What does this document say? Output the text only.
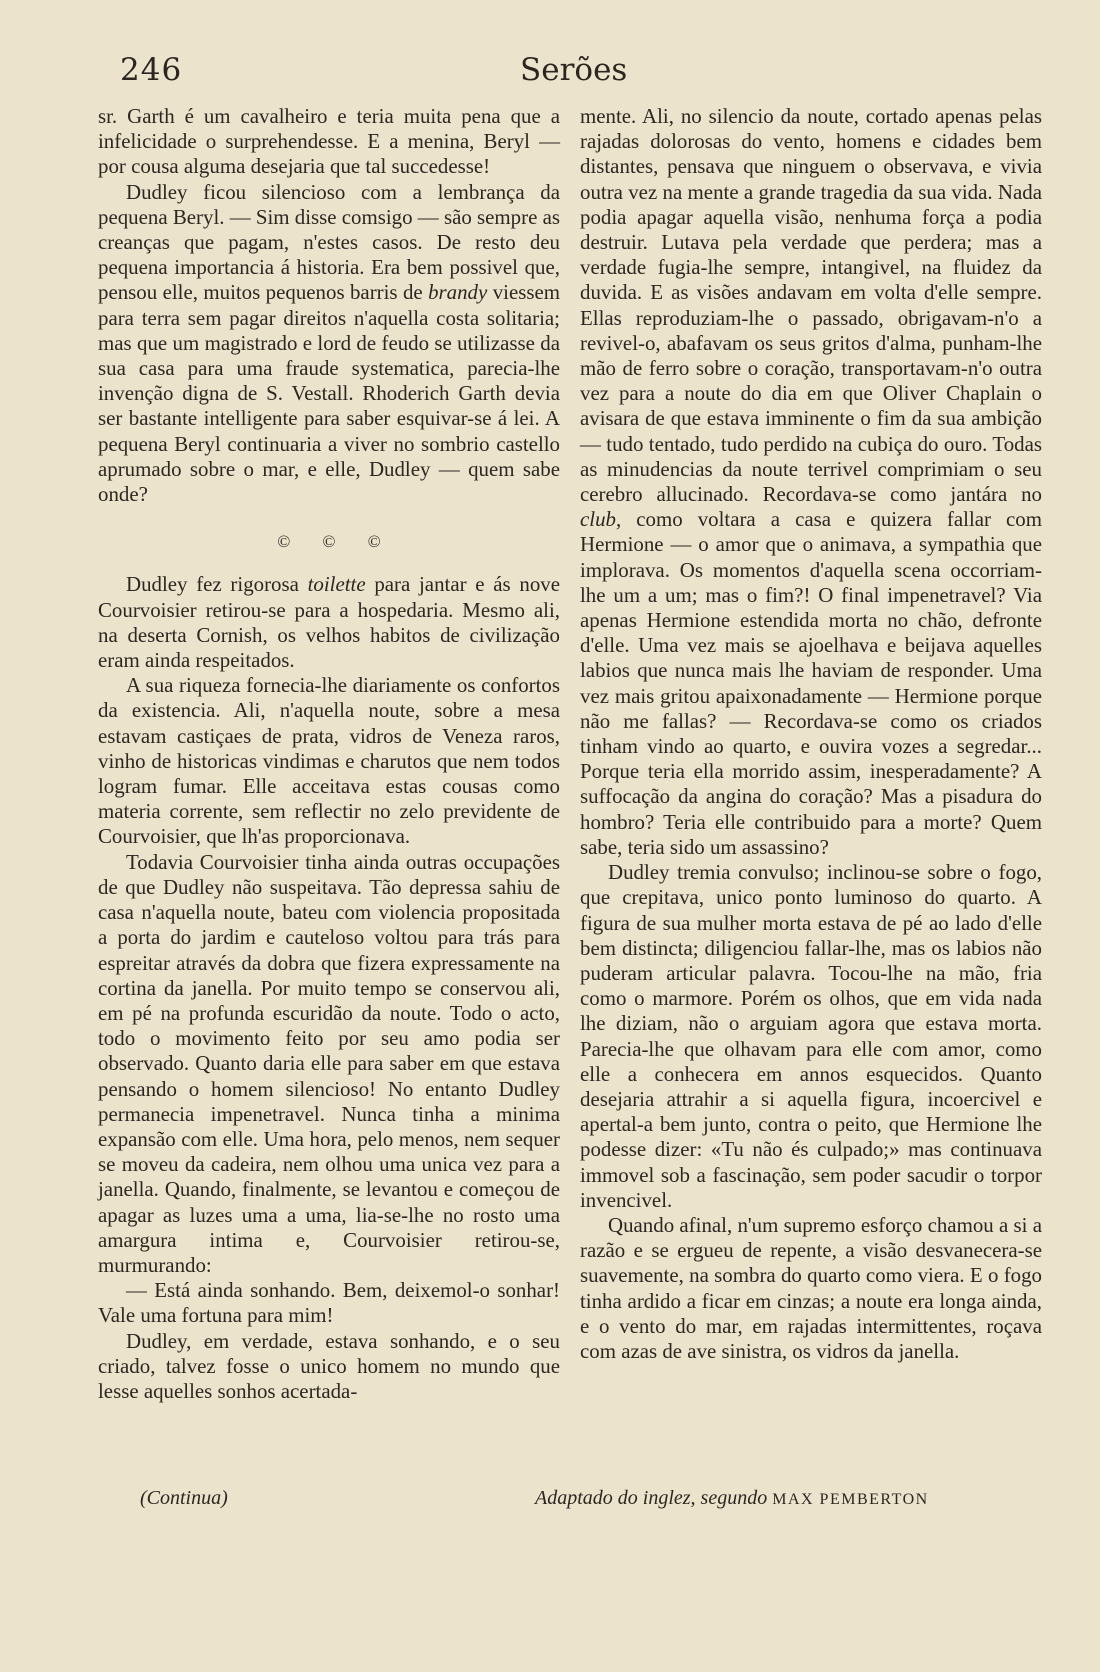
246	Serões

sr. Garth é um cavalheiro e teria muita pena que a infelicidade o surprehendesse. E a menina, Beryl — por cousa alguma desejaria que tal succedesse!

Dudley ficou silencioso com a lembrança da pequena Beryl. — Sim disse comsigo — são sempre as creanças que pagam, n'estes casos. De resto deu pequena importancia á historia. Era bem possivel que, pensou elle, muitos pequenos barris de brandy viessem para terra sem pagar direitos n'aquella costa solitaria; mas que um magistrado e lord de feudo se utilizasse da sua casa para uma fraude systematica, parecia-lhe invenção digna de S. Vestall. Rhoderich Garth devia ser bastante intelligente para saber esquivar-se á lei. A pequena Beryl continuaria a viver no sombrio castello aprumado sobre o mar, e elle, Dudley — quem sabe onde?

© © ©

Dudley fez rigorosa toilette para jantar e ás nove Courvoisier retirou-se para a hospedaria. Mesmo ali, na deserta Cornish, os velhos habitos de civilização eram ainda respeitados.

A sua riqueza fornecia-lhe diariamente os confortos da existencia. Ali, n'aquella noute, sobre a mesa estavam castiçaes de prata, vidros de Veneza raros, vinho de historicas vindimas e charutos que nem todos logram fumar. Elle acceitava estas cousas como materia corrente, sem reflectir no zelo previdente de Courvoisier, que lh'as proporcionava.

Todavia Courvoisier tinha ainda outras occupações de que Dudley não suspeitava. Tão depressa sahiu de casa n'aquella noute, bateu com violencia propositada a porta do jardim e cauteloso voltou para trás para espreitar através da dobra que fizera expressamente na cortina da janella. Por muito tempo se conservou ali, em pé na profunda escuridão da noute. Todo o acto, todo o movimento feito por seu amo podia ser observado. Quanto daria elle para saber em que estava pensando o homem silencioso! No entanto Dudley permanecia impenetravel. Nunca tinha a minima expansão com elle. Uma hora, pelo menos, nem sequer se moveu da cadeira, nem olhou uma unica vez para a janella. Quando, finalmente, se levantou e começou de apagar as luzes uma a uma, lia-se-lhe no rosto uma amargura intima e, Courvoisier retirou-se, murmurando:

— Está ainda sonhando. Bem, deixemol-o sonhar! Vale uma fortuna para mim!

Dudley, em verdade, estava sonhando, e o seu criado, talvez fosse o unico homem no mundo que lesse aquelles sonhos acertada-

mente. Ali, no silencio da noute, cortado apenas pelas rajadas dolorosas do vento, homens e cidades bem distantes, pensava que ninguem o observava, e vivia outra vez na mente a grande tragedia da sua vida. Nada podia apagar aquella visão, nenhuma força a podia destruir. Lutava pela verdade que perdera; mas a verdade fugia-lhe sempre, intangivel, na fluidez da duvida. E as visões andavam em volta d'elle sempre. Ellas reproduziam-lhe o passado, obrigavam-n'o a revivel-o, abafavam os seus gritos d'alma, punham-lhe mão de ferro sobre o coração, transportavam-n'o outra vez para a noute do dia em que Oliver Chaplain o avisara de que estava imminente o fim da sua ambição — tudo tentado, tudo perdido na cubiça do ouro. Todas as minudencias da noute terrivel comprimiam o seu cerebro allucinado. Recordava-se como jantára no club, como voltara a casa e quizera fallar com Hermione — o amor que o animava, a sympathia que implorava. Os momentos d'aquella scena occorriam-lhe um a um; mas o fim?! O final impenetravel? Via apenas Hermione estendida morta no chão, defronte d'elle. Uma vez mais se ajoelhava e beijava aquelles labios que nunca mais lhe haviam de responder. Uma vez mais gritou apaixonadamente — Hermione porque não me fallas? — Recordava-se como os criados tinham vindo ao quarto, e ouvira vozes a segredar... Porque teria ella morrido assim, inesperadamente? A suffocação da angina do coração? Mas a pisadura do hombro? Teria elle contribuido para a morte? Quem sabe, teria sido um assassino?

Dudley tremia convulso; inclinou-se sobre o fogo, que crepitava, unico ponto luminoso do quarto. A figura de sua mulher morta estava de pé ao lado d'elle bem distincta; diligenciou fallar-lhe, mas os labios não puderam articular palavra. Tocou-lhe na mão, fria como o marmore. Porém os olhos, que em vida nada lhe diziam, não o arguiam agora que estava morta. Parecia-lhe que olhavam para elle com amor, como elle a conhecera em annos esquecidos. Quanto desejaria attrahir a si aquella figura, incoercivel e apertal-a bem junto, contra o peito, que Hermione lhe podesse dizer: «Tu não és culpado;» mas continuava immovel sob a fascinação, sem poder sacudir o torpor invencivel.

Quando afinal, n'um supremo esforço chamou a si a razão e se ergueu de repente, a visão desvanecera-se suavemente, na sombra do quarto como viera. E o fogo tinha ardido a ficar em cinzas; a noute era longa ainda, e o vento do mar, em rajadas intermittentes, roçava com azas de ave sinistra, os vidros da janella.

(Continua)	Adaptado do inglez, segundo MAX PEMBERTON
